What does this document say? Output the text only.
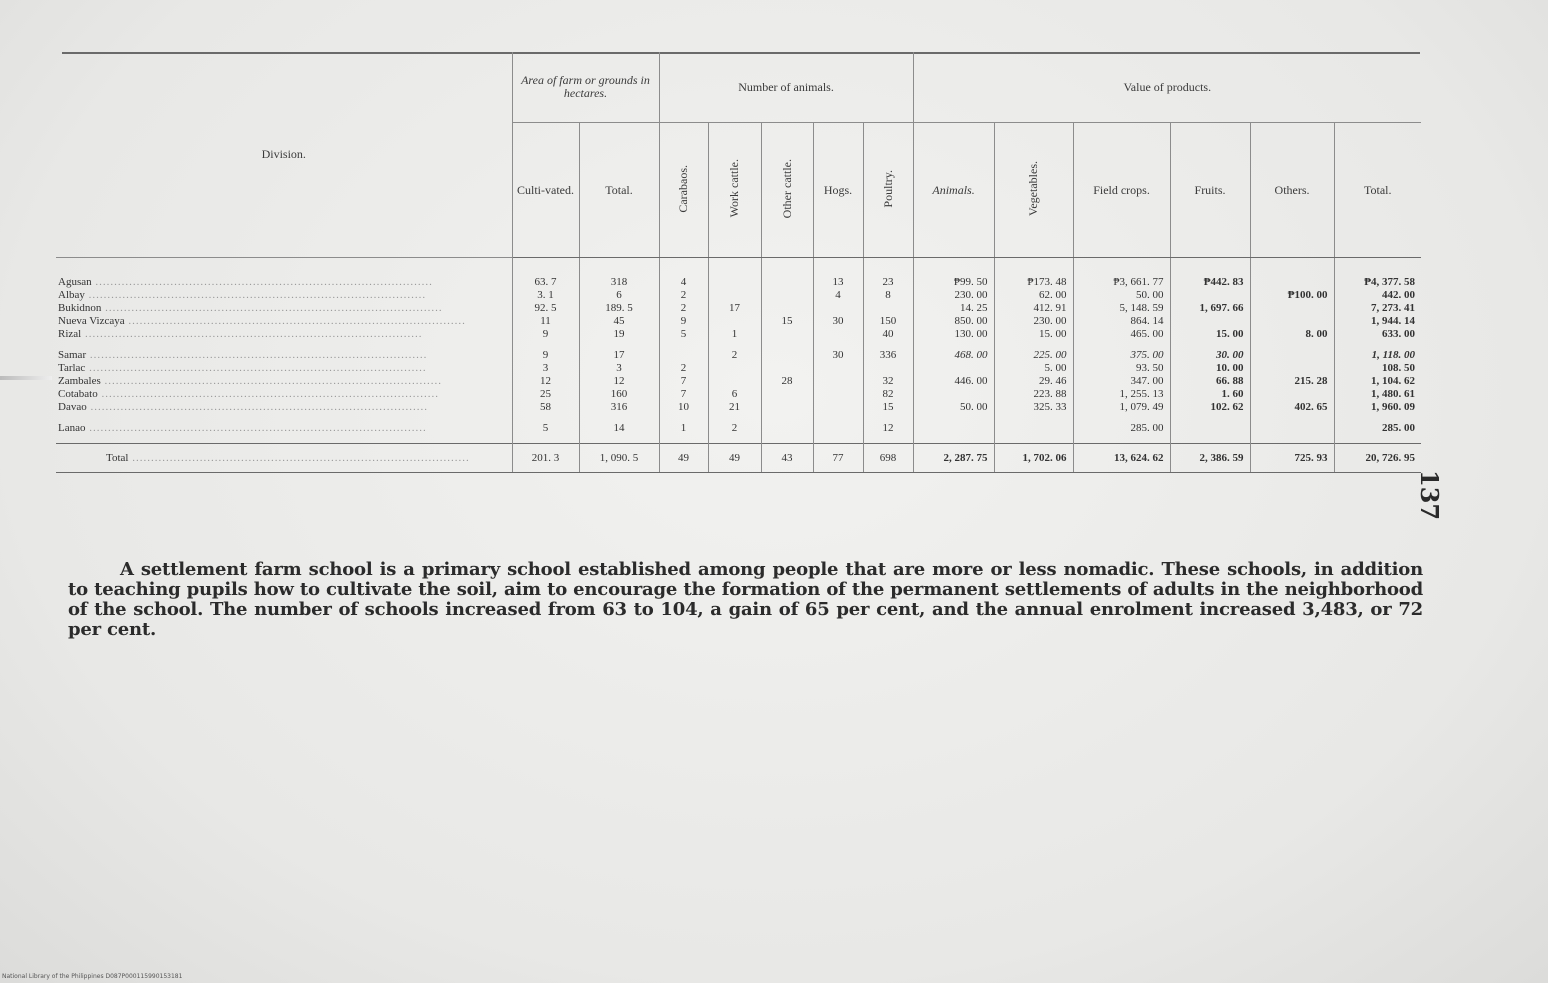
Division.	Area of farm or grounds in hectares.		Number of animals.					Value of products.					
	Culti-vated.	Total.	Carabaos.	Work cattle.	Other cattle.	Hogs.	Poultry.	Animals.	Vegetables.	Field crops.	Fruits.	Others.	Total.

Agusan ..........................................................................................	63. 7	318	4			13	23	₱99. 50	₱173. 48	₱3, 661. 77	₱442. 83		₱4, 377. 58
Albay ..........................................................................................	3. 1	6	2			4	8	230. 00	62. 00	50. 00		₱100. 00	442. 00
Bukidnon ..........................................................................................	92. 5	189. 5	2	17				14. 25	412. 91	5, 148. 59	1, 697. 66		7, 273. 41
Nueva Vizcaya ..........................................................................................	11	45	9		15	30	150	850. 00	230. 00	864. 14			1, 944. 14
Rizal ..........................................................................................	9	19	5	1			40	130. 00	15. 00	465. 00	15. 00	8. 00	633. 00

Samar ..........................................................................................	9	17		2		30	336	468. 00	225. 00	375. 00	30. 00		1, 118. 00
Tarlac ..........................................................................................	3	3	2						5. 00	93. 50	10. 00		108. 50
Zambales ..........................................................................................	12	12	7		28		32	446. 00	29. 46	347. 00	66. 88	215. 28	1, 104. 62
Cotabato ..........................................................................................	25	160	7	6			82		223. 88	1, 255. 13	1. 60		1, 480. 61
Davao ..........................................................................................	58	316	10	21			15	50. 00	325. 33	1, 079. 49	102. 62	402. 65	1, 960. 09

Lanao ..........................................................................................	5	14	1	2			12			285. 00			285. 00

Total ..........................................................................................	201. 3	1, 090. 5	49	49	43	77	698	2, 287. 75	1, 702. 06	13, 624. 62	2, 386. 59	725. 93	20, 726. 95
A settlement farm school is a primary school established among people that are more or less nomadic. These schools, in addition to teaching pupils how to cultivate the soil, aim to encourage the formation of the permanent settlements of adults in the neighborhood of the school. The number of schools increased from 63 to 104, a gain of 65 per cent, and the annual enrolment increased 3,483, or 72 per cent.
137
National Library of the Philippines D087P000115990153181
